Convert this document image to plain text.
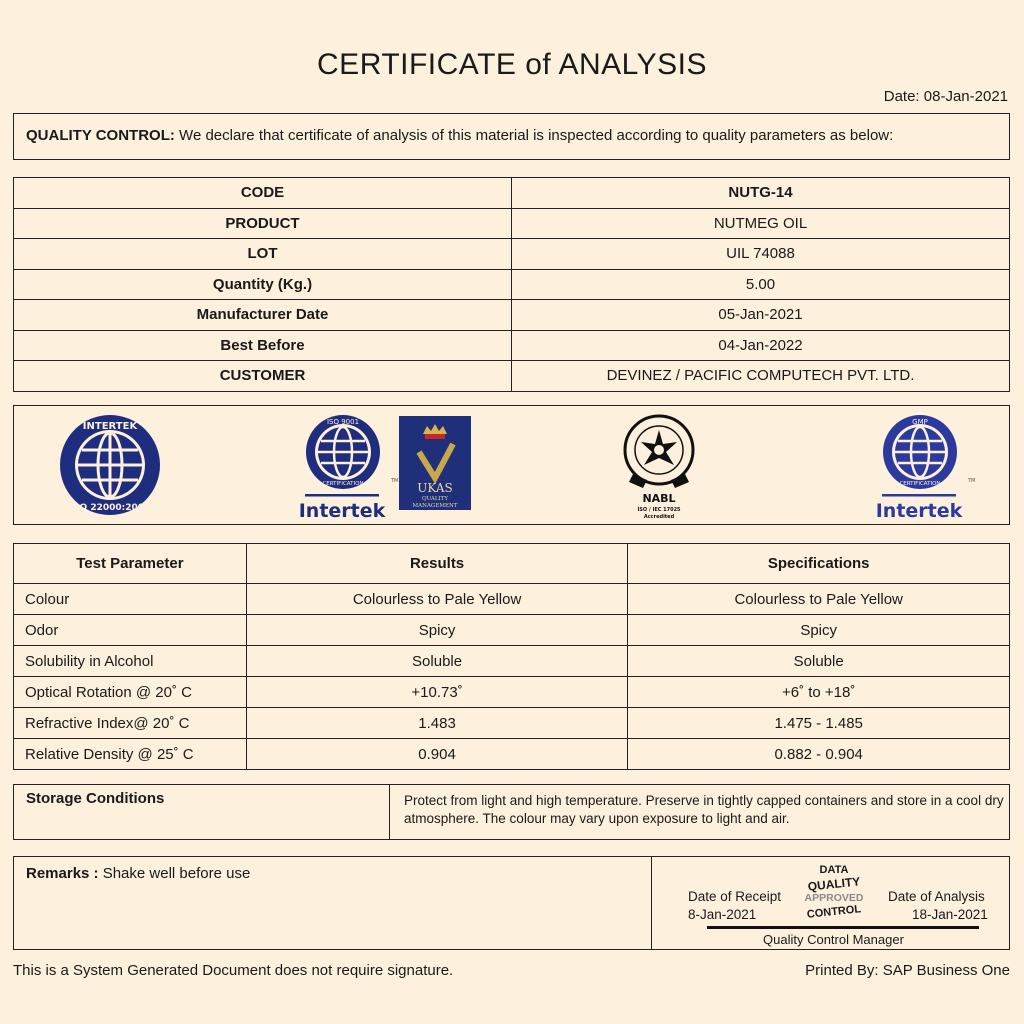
CERTIFICATE of ANALYSIS
Date: 08-Jan-2021
QUALITY CONTROL: We declare that certificate of analysis of this material is inspected according to quality parameters as below:
CODE	NUTG-14
PRODUCT	NUTMEG OIL
LOT	UIL 74088
Quantity (Kg.)	5.00
Manufacturer Date	05-Jan-2021
Best Before	04-Jan-2022
CUSTOMER	DEVINEZ / PACIFIC COMPUTECH PVT. LTD.
INTERTEK
ISO 22000:2005
ISO 9001
CERTIFICATION	TM
Intertek
UKAS
QUALITY
MANAGEMENT
NABL
ISO / IEC 17025
Accredited
GMP
CERTIFICATION	TM
Intertek
Test Parameter	Results	Specifications
Colour	Colourless to Pale Yellow	Colourless to Pale Yellow
Odor	Spicy	Spicy
Solubility in Alcohol	Soluble	Soluble
Optical Rotation @ 20˚ C	+10.73˚	+6˚ to +18˚
Refractive Index@ 20˚ C	1.483	1.475 - 1.485
Relative Density @ 25˚ C	0.904	0.882 - 0.904
Storage Conditions	Protect from light and high temperature. Preserve in tightly capped containers and store in a cool dry atmosphere. The colour may vary upon exposure to light and air.
Remarks : Shake well before use
Date of Receipt
8-Jan-2021
DATA
QUALITY
APPROVED
CONTROL
Date of Analysis
18-Jan-2021
Quality Control Manager
This is a System Generated Document does not require signature.	Printed By: SAP Business One
